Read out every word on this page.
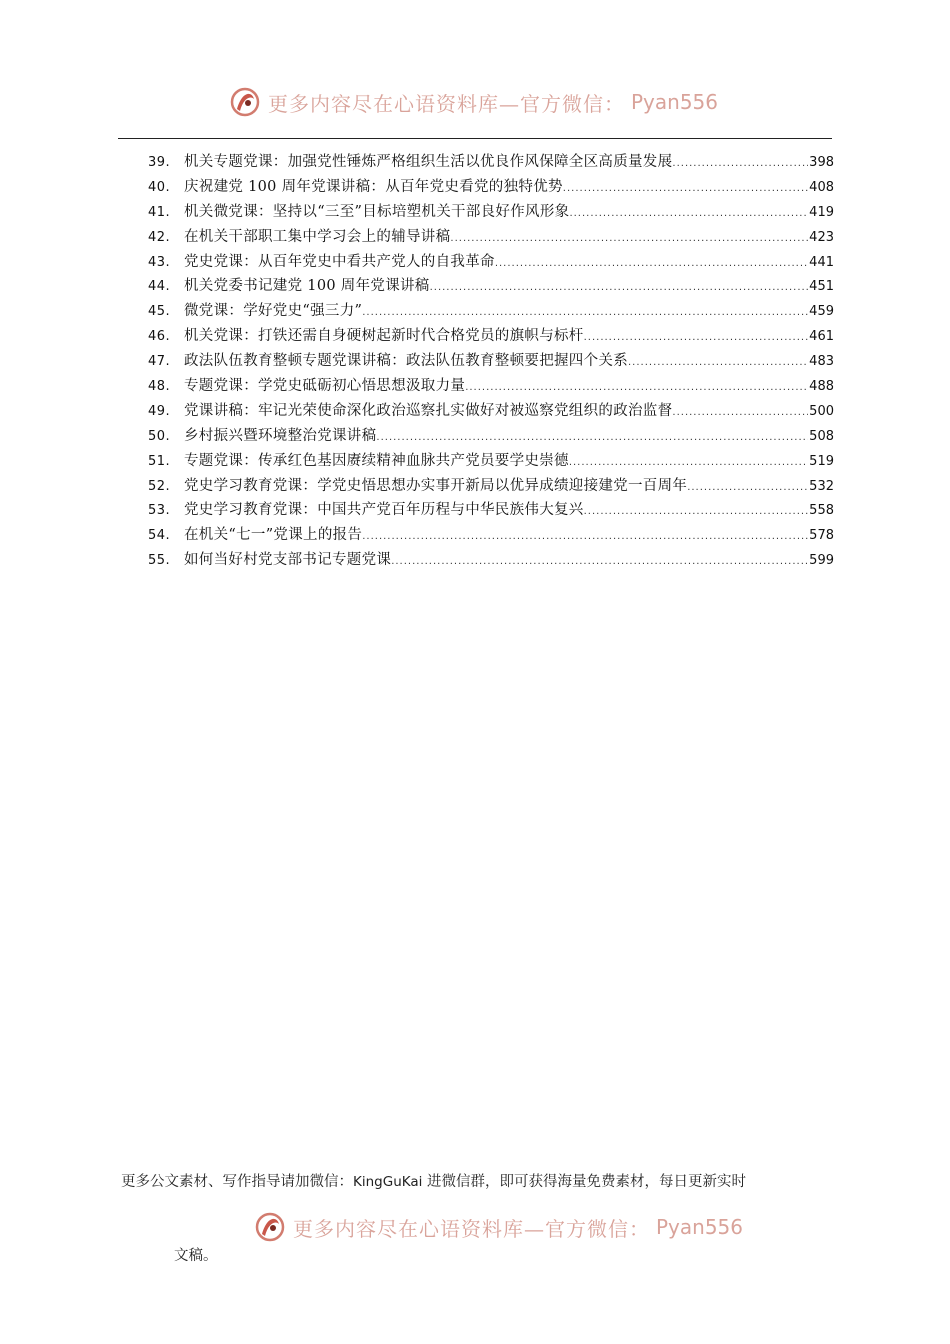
更多内容尽在心语资料库—官方微信： Pyan556
39. 机关专题党课：加强党性锤炼严格组织生活以优良作风保障全区高质量发展 .....	398
40. 庆祝建党 100 周年党课讲稿：从百年党史看党的独特优势 .....	408
41. 机关微党课：坚持以“三至”目标培塑机关干部良好作风形象 .....	419
42. 在机关干部职工集中学习会上的辅导讲稿 .....	423
43. 党史党课：从百年党史中看共产党人的自我革命 .....	441
44. 机关党委书记建党 100 周年党课讲稿 .....	451
45. 微党课：学好党史“强三力” .....	459
46. 机关党课：打铁还需自身硬树起新时代合格党员的旗帜与标杆 .....	461
47. 政法队伍教育整顿专题党课讲稿：政法队伍教育整顿要把握四个关系 .....	483
48. 专题党课：学党史砥砺初心悟思想汲取力量 .....	488
49. 党课讲稿：牢记光荣使命深化政治巡察扎实做好对被巡察党组织的政治监督 .....	500
50. 乡村振兴暨环境整治党课讲稿 .....	508
51. 专题党课：传承红色基因赓续精神血脉共产党员要学史崇德 .....	519
52. 党史学习教育党课：学党史悟思想办实事开新局以优异成绩迎接建党一百周年 .....	532
53. 党史学习教育党课：中国共产党百年历程与中华民族伟大复兴 .....	558
54. 在机关“七一”党课上的报告 .....	578
55. 如何当好村党支部书记专题党课 .....	599
更多公文素材、写作指导请加微信：KingGuKai 进微信群，即可获得海量免费素材，每日更新实时
更多内容尽在心语资料库—官方微信： Pyan556
文稿。
